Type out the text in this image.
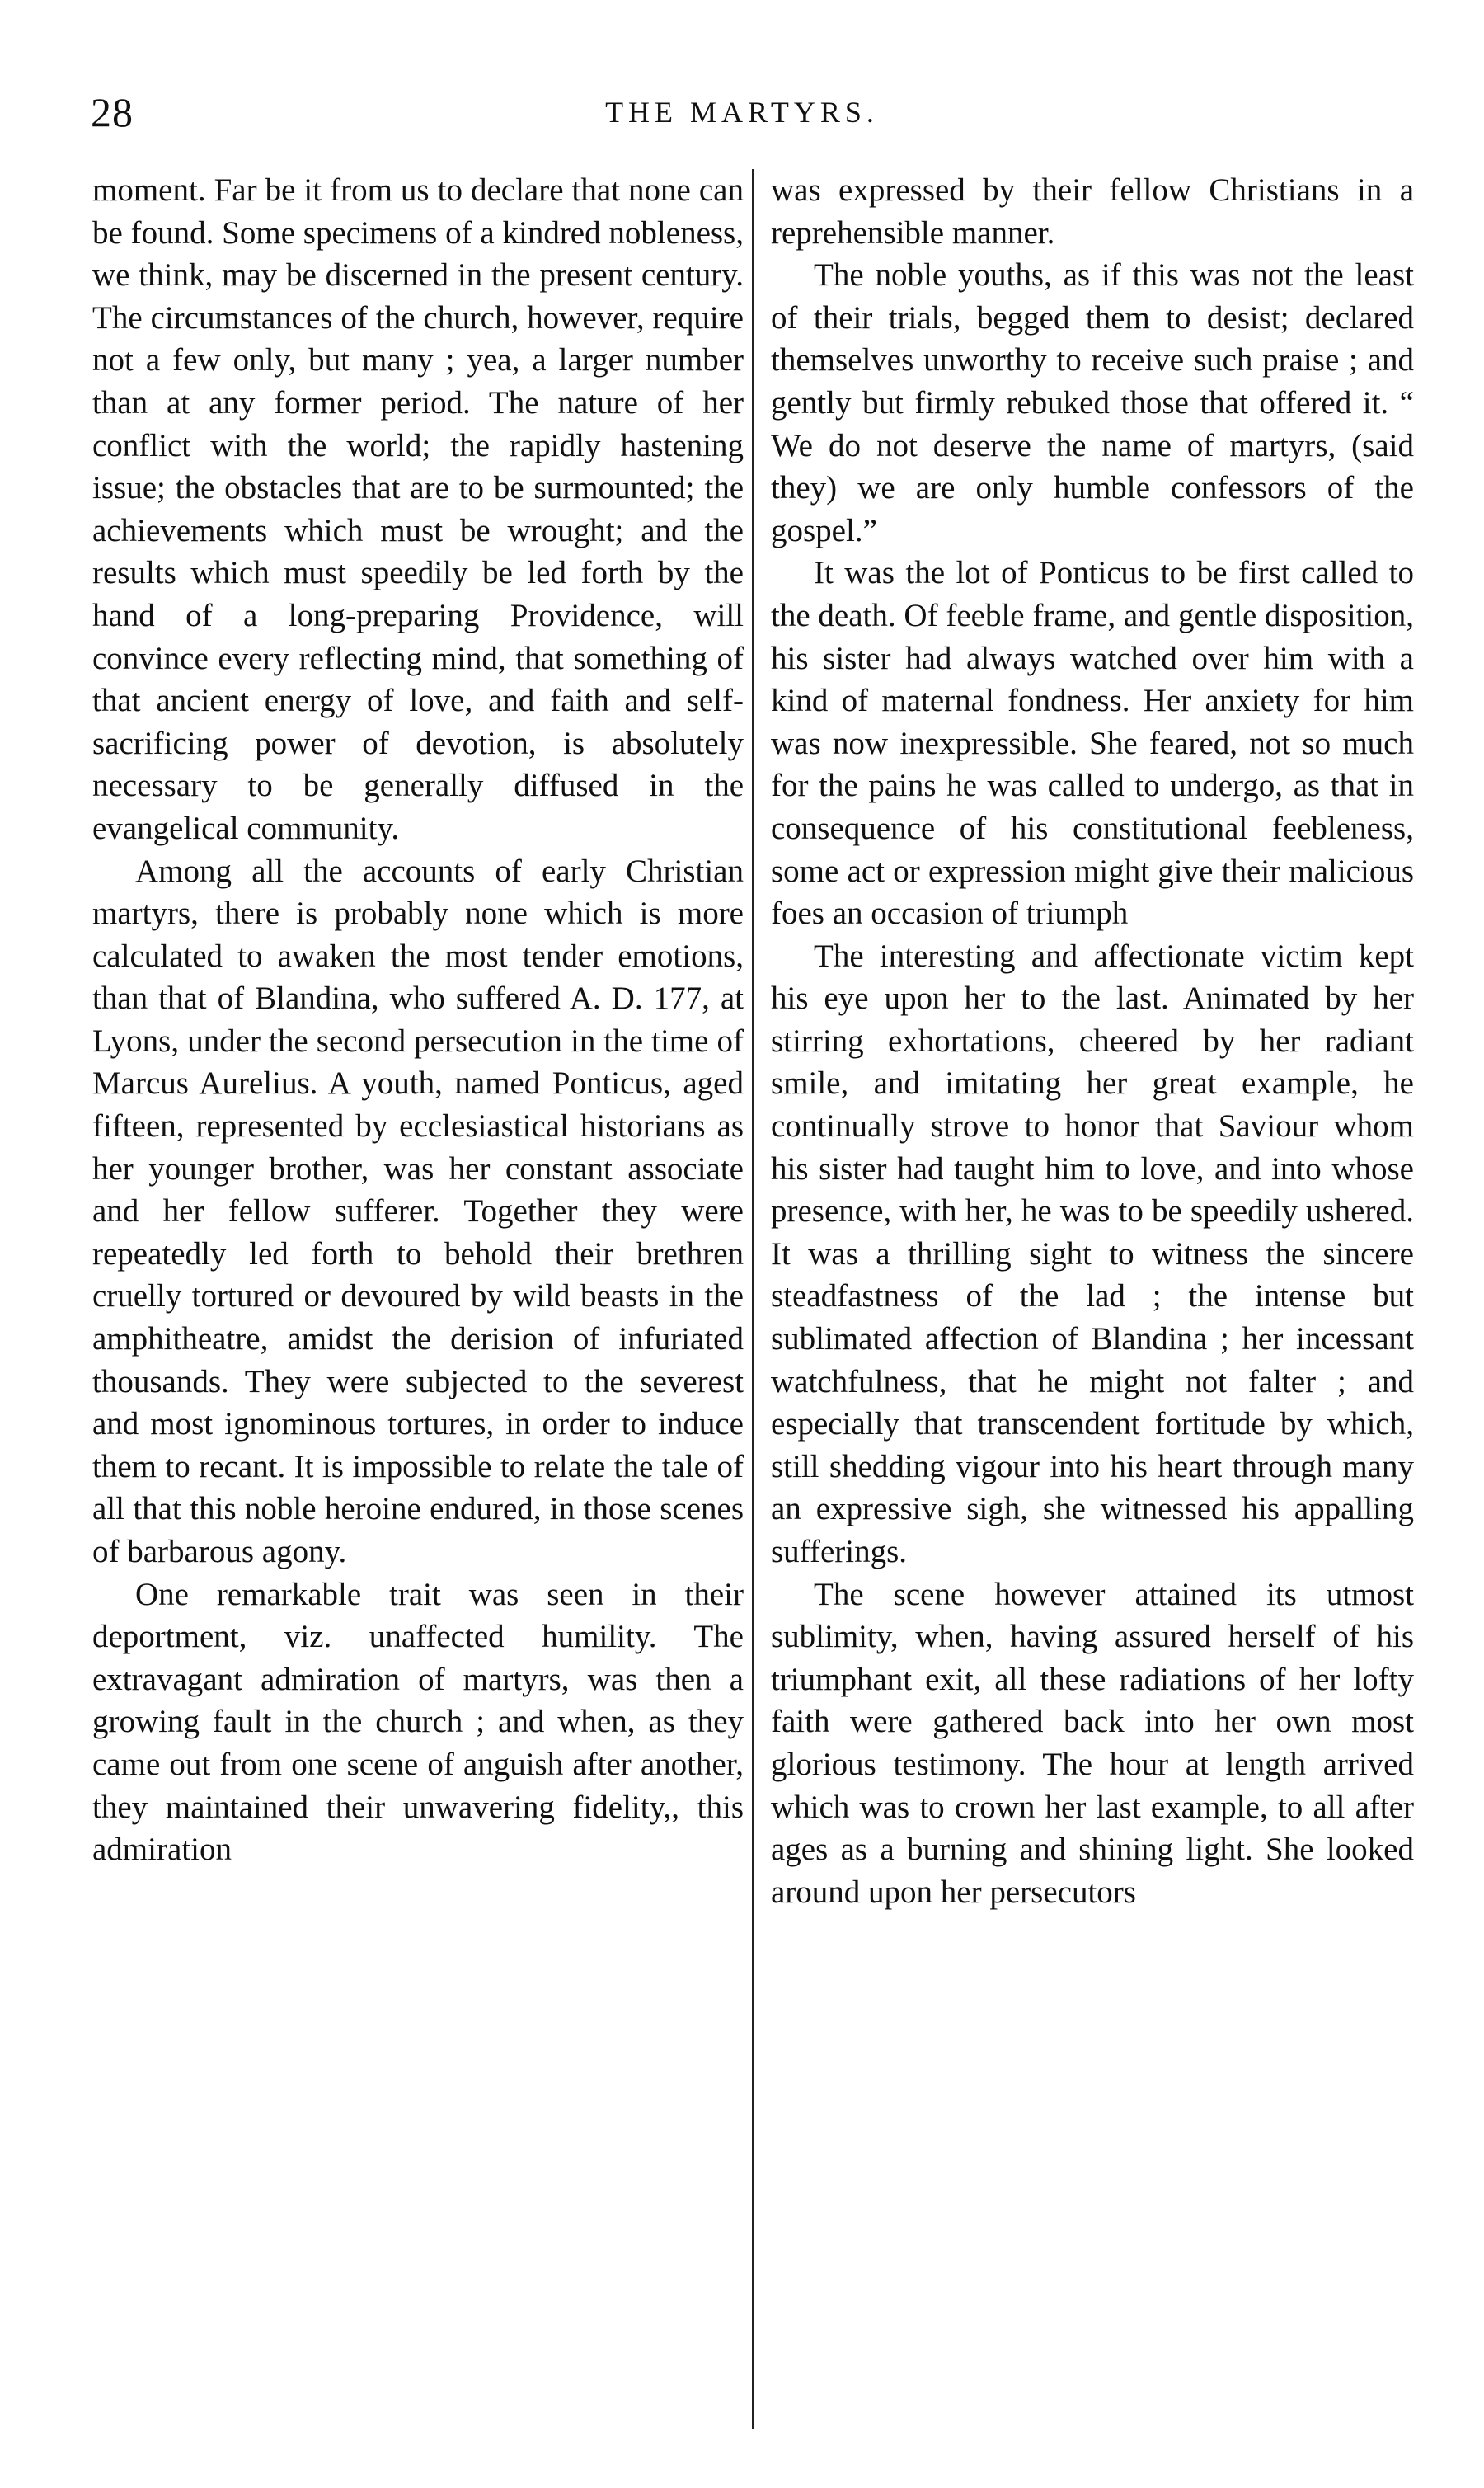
28	THE MARTYRS.

moment. Far be it from us to declare that none can be found. Some specimens of a kindred nobleness, we think, may be discerned in the present century. The circumstances of the church, however, require not a few only, but many ; yea, a larger number than at any former period. The nature of her conflict with the world; the rapidly hastening issue; the obstacles that are to be surmounted; the achievements which must be wrought; and the results which must speedily be led forth by the hand of a long-preparing Providence, will convince every reflecting mind, that something of that ancient energy of love, and faith and self-sacrificing power of devotion, is absolutely necessary to be generally diffused in the evangelical community.

Among all the accounts of early Christian martyrs, there is probably none which is more calculated to awaken the most tender emotions, than that of Blandina, who suffered A. D. 177, at Lyons, under the second persecution in the time of Marcus Aurelius. A youth, named Ponticus, aged fifteen, represented by ecclesiastical historians as her younger brother, was her constant associate and her fellow sufferer. Together they were repeatedly led forth to behold their brethren cruelly tortured or devoured by wild beasts in the amphitheatre, amidst the derision of infuriated thousands. They were subjected to the severest and most ignominous tortures, in order to induce them to recant. It is impossible to relate the tale of all that this noble heroine endured, in those scenes of barbarous agony.

One remarkable trait was seen in their deportment, viz. unaffected humility. The extravagant admiration of martyrs, was then a growing fault in the church ; and when, as they came out from one scene of anguish after another, they maintained their unwavering fidelity,, this admiration

was expressed by their fellow Christians in a reprehensible manner.

The noble youths, as if this was not the least of their trials, begged them to desist; declared themselves unworthy to receive such praise ; and gently but firmly rebuked those that offered it. “ We do not deserve the name of martyrs, (said they) we are only humble confessors of the gospel.”

It was the lot of Ponticus to be first called to the death. Of feeble frame, and gentle disposition, his sister had always watched over him with a kind of maternal fondness. Her anxiety for him was now inexpressible. She feared, not so much for the pains he was called to undergo, as that in consequence of his constitutional feebleness, some act or expression might give their malicious foes an occasion of triumph

The interesting and affectionate victim kept his eye upon her to the last. Animated by her stirring exhortations, cheered by her radiant smile, and imitating her great example, he continually strove to honor that Saviour whom his sister had taught him to love, and into whose presence, with her, he was to be speedily ushered. It was a thrilling sight to witness the sincere steadfastness of the lad ; the intense but sublimated affection of Blandina ; her incessant watchfulness, that he might not falter ; and especially that transcendent fortitude by which, still shedding vigour into his heart through many an expressive sigh, she witnessed his appalling sufferings.

The scene however attained its utmost sublimity, when, having assured herself of his triumphant exit, all these radiations of her lofty faith were gathered back into her own most glorious testimony. The hour at length arrived which was to crown her last example, to all after ages as a burning and shining light. She looked around upon her persecutors
